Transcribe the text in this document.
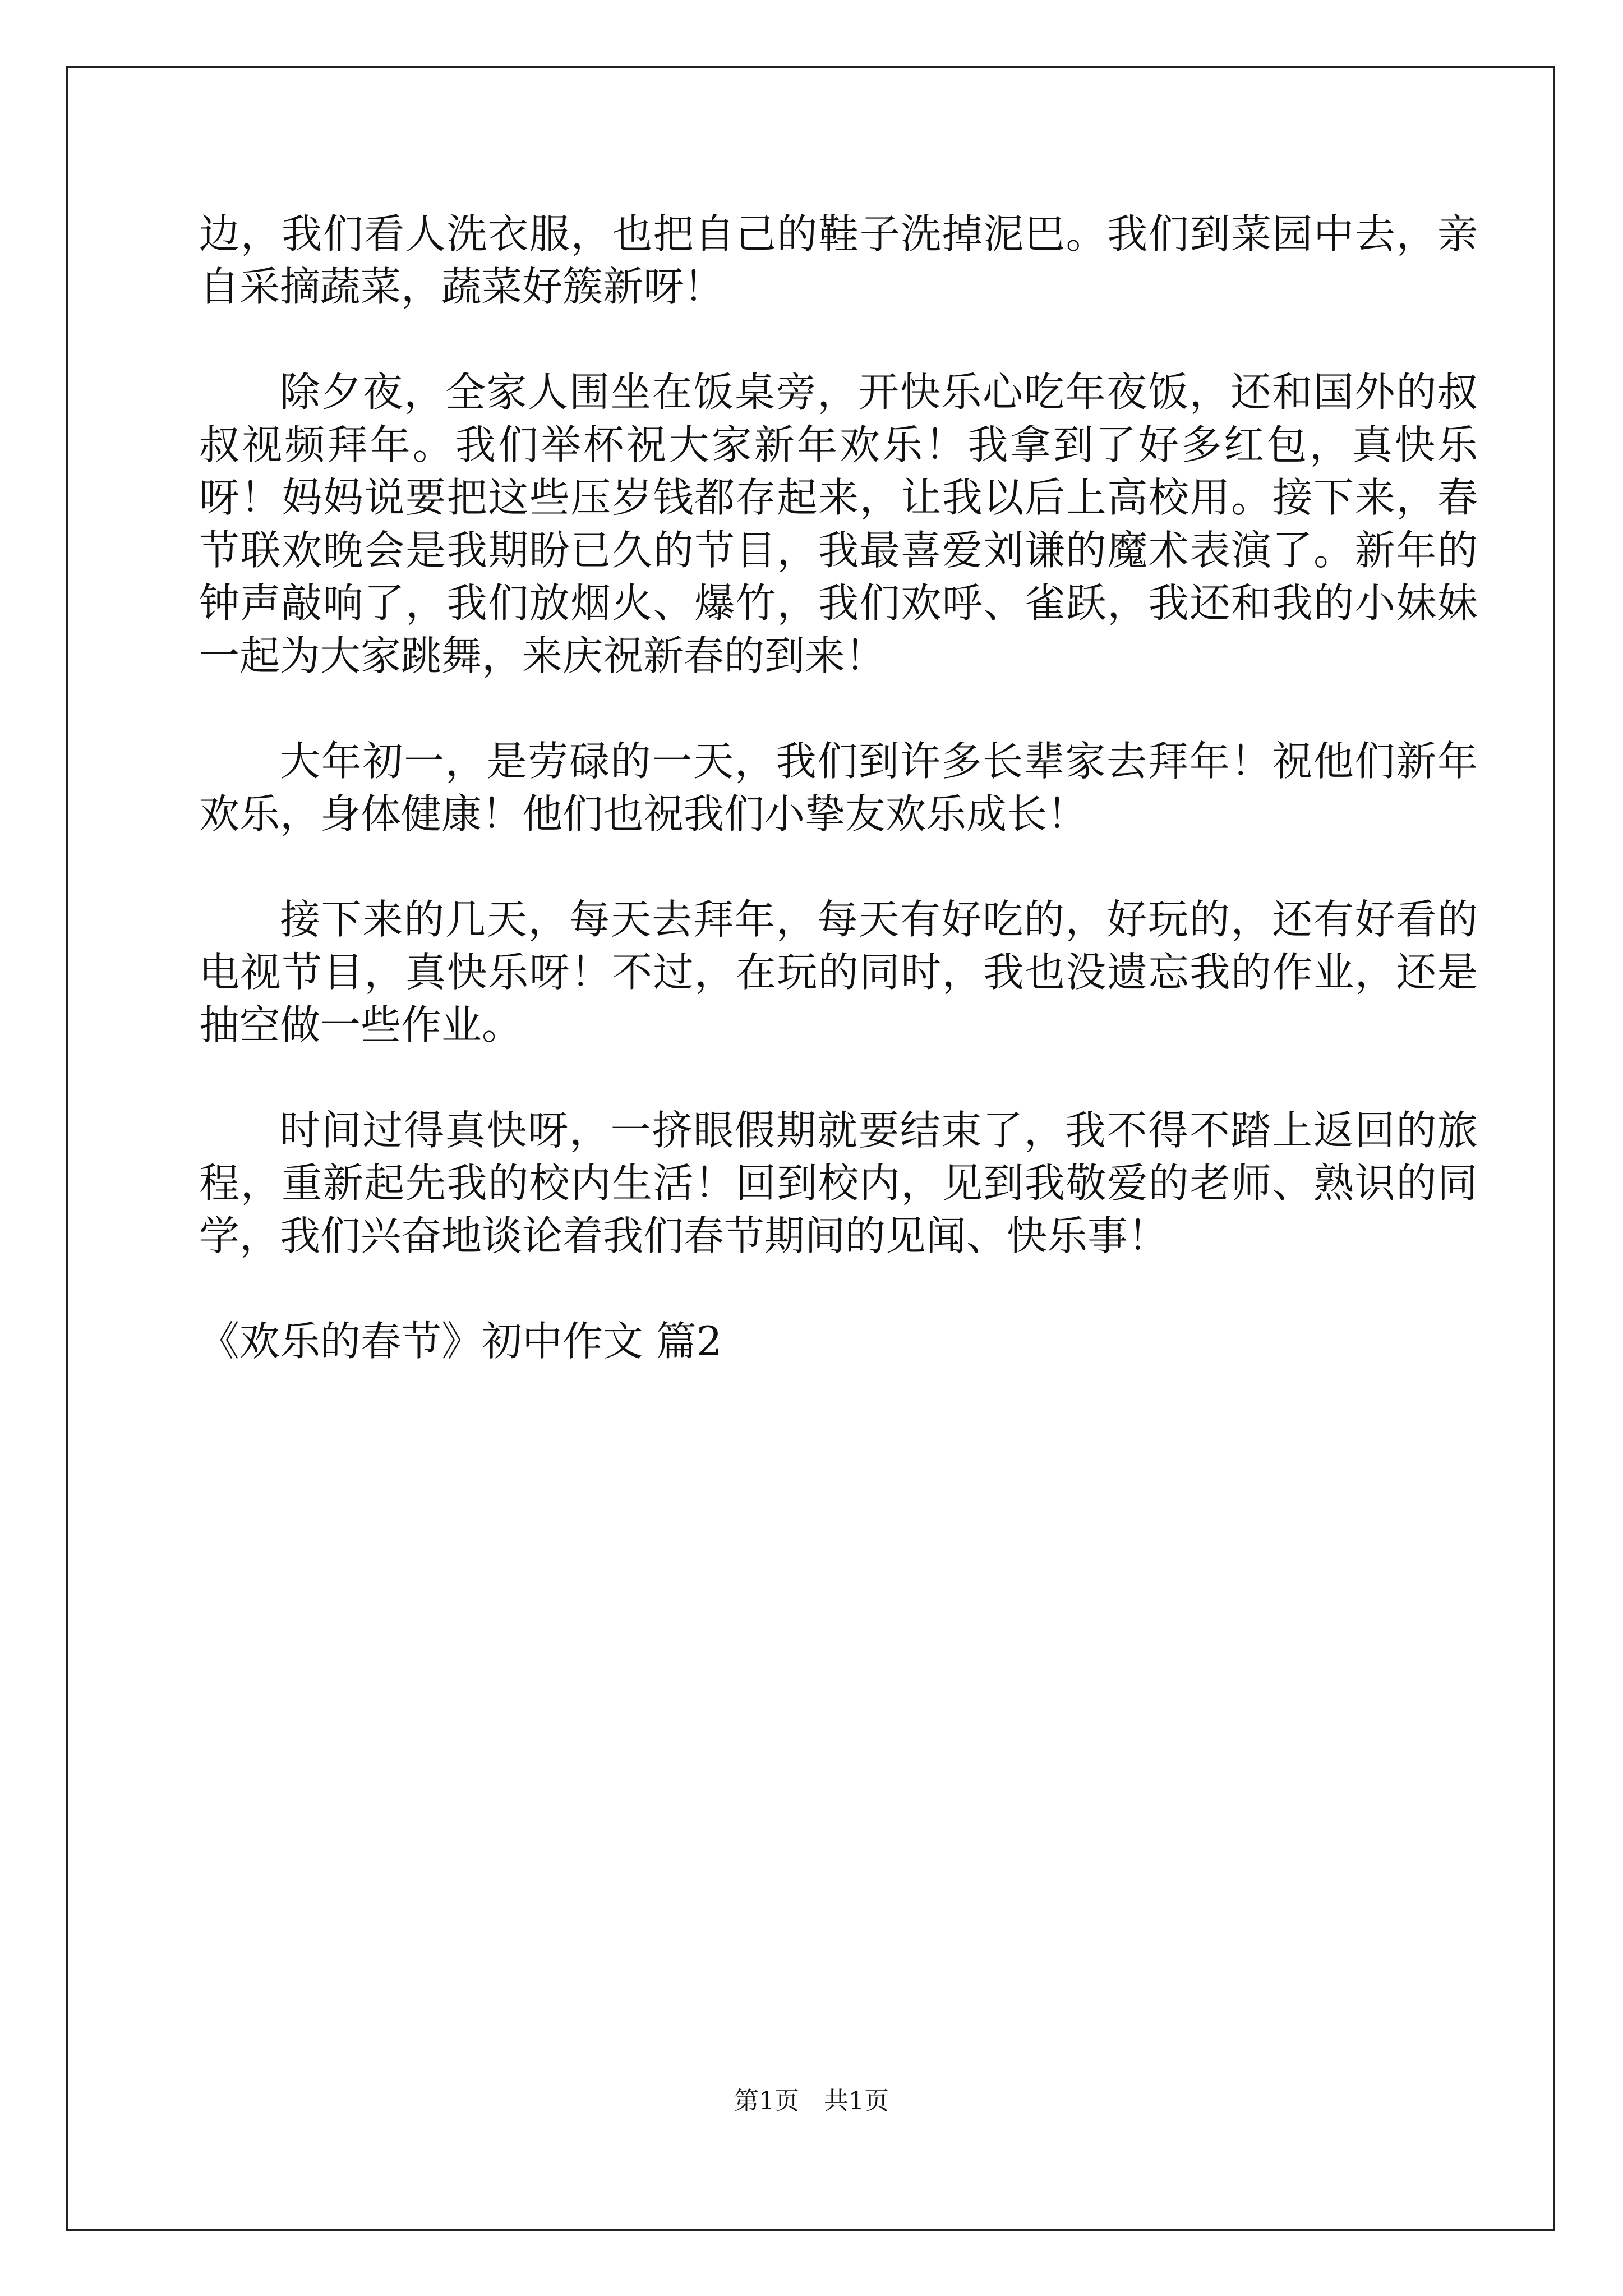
边，我们看人洗衣服，也把自己的鞋子洗掉泥巴。我们到菜园中去，亲自采摘蔬菜，蔬菜好簇新呀！

除夕夜，全家人围坐在饭桌旁，开快乐心吃年夜饭，还和国外的叔叔视频拜年。我们举杯祝大家新年欢乐！我拿到了好多红包，真快乐呀！妈妈说要把这些压岁钱都存起来，让我以后上高校用。接下来，春节联欢晚会是我期盼已久的节目，我最喜爱刘谦的魔术表演了。新年的钟声敲响了，我们放烟火、爆竹，我们欢呼、雀跃，我还和我的小妹妹一起为大家跳舞，来庆祝新春的到来！

大年初一，是劳碌的一天，我们到许多长辈家去拜年！祝他们新年欢乐，身体健康！他们也祝我们小挚友欢乐成长！

接下来的几天，每天去拜年，每天有好吃的，好玩的，还有好看的电视节目，真快乐呀！不过，在玩的同时，我也没遗忘我的作业，还是抽空做一些作业。

时间过得真快呀，一挤眼假期就要结束了，我不得不踏上返回的旅程，重新起先我的校内生活！回到校内，见到我敬爱的老师、熟识的同学，我们兴奋地谈论着我们春节期间的见闻、快乐事！

《欢乐的春节》初中作文 篇2

第1页　共1页
